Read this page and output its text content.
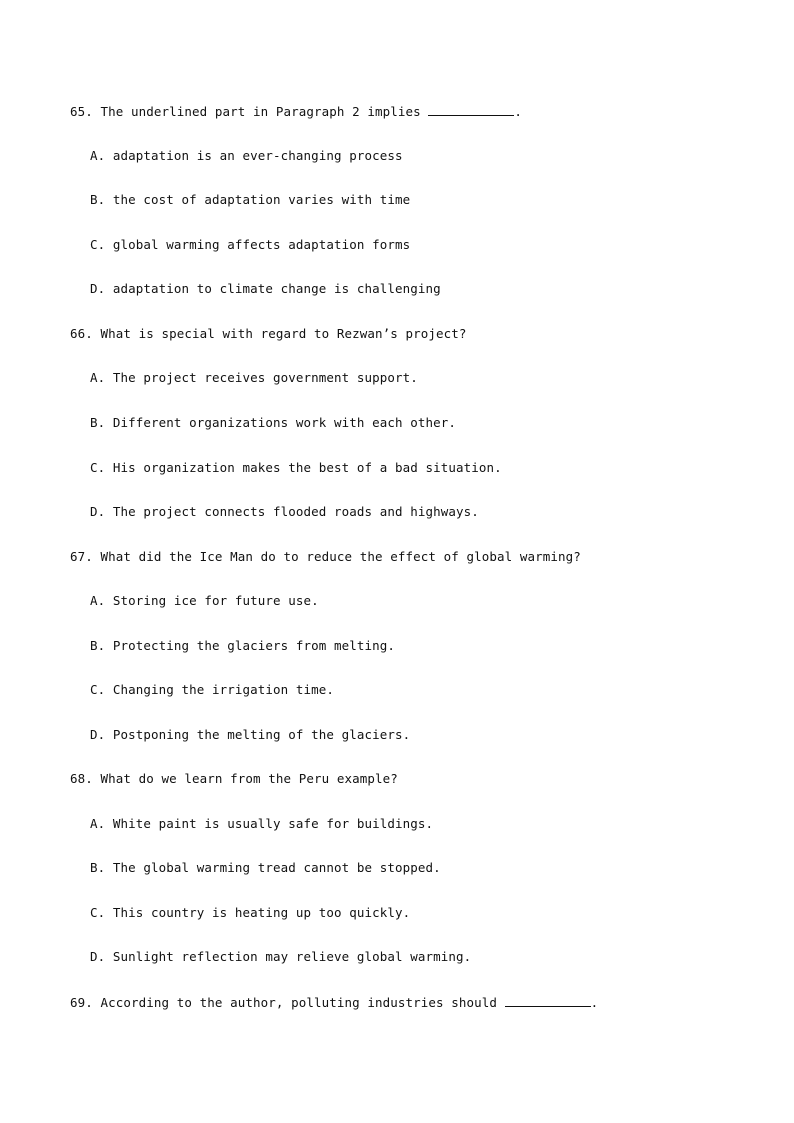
65. The underlined part in Paragraph 2 implies	.
A. adaptation is an ever-changing process
B. the cost of adaptation varies with time
C. global warming affects adaptation forms
D. adaptation to climate change is challenging
66. What is special with regard to Rezwan’s project?
A. The project receives government support.
B. Different organizations work with each other.
C. His organization makes the best of a bad situation.
D. The project connects flooded roads and highways.
67. What did the Ice Man do to reduce the effect of global warming?
A. Storing ice for future use.
B. Protecting the glaciers from melting.
C. Changing the irrigation time.
D. Postponing the melting of the glaciers.
68. What do we learn from the Peru example?
A. White paint is usually safe for buildings.
B. The global warming tread cannot be stopped.
C. This country is heating up too quickly.
D. Sunlight reflection may relieve global warming.
69. According to the author, polluting industries should	.
